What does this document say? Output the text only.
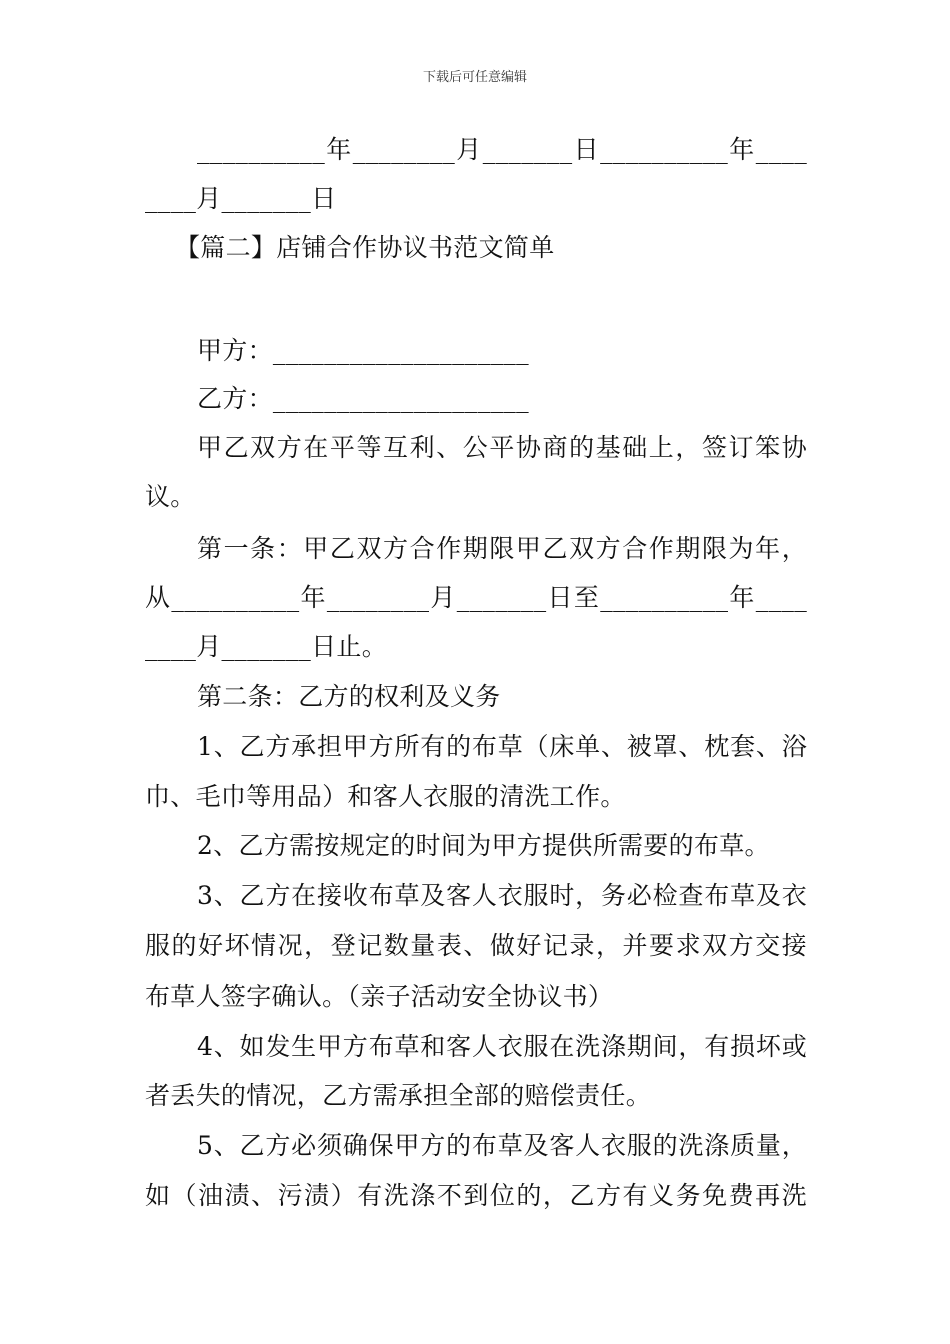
下载后可任意编辑
__________年________月_______日__________年____
____月_______日
【篇二】店铺合作协议书范文简单
甲方：____________________
乙方：____________________
甲乙双方在平等互利、公平协商的基础上，签订笨协
议。
第一条：甲乙双方合作期限甲乙双方合作期限为年，
从__________年________月_______日至__________年____
____月_______日止。
第二条：乙方的权利及义务
1、乙方承担甲方所有的布草（床单、被罩、枕套、浴
巾、毛巾等用品）和客人衣服的清洗工作。
2、乙方需按规定的时间为甲方提供所需要的布草。
3、乙方在接收布草及客人衣服时，务必检查布草及衣
服的好坏情况，登记数量表、做好记录，并要求双方交接
布草人签字确认。（亲子活动安全协议书）
4、如发生甲方布草和客人衣服在洗涤期间，有损坏或
者丢失的情况，乙方需承担全部的赔偿责任。
5、乙方必须确保甲方的布草及客人衣服的洗涤质量，
如（油渍、污渍）有洗涤不到位的，乙方有义务免费再洗
